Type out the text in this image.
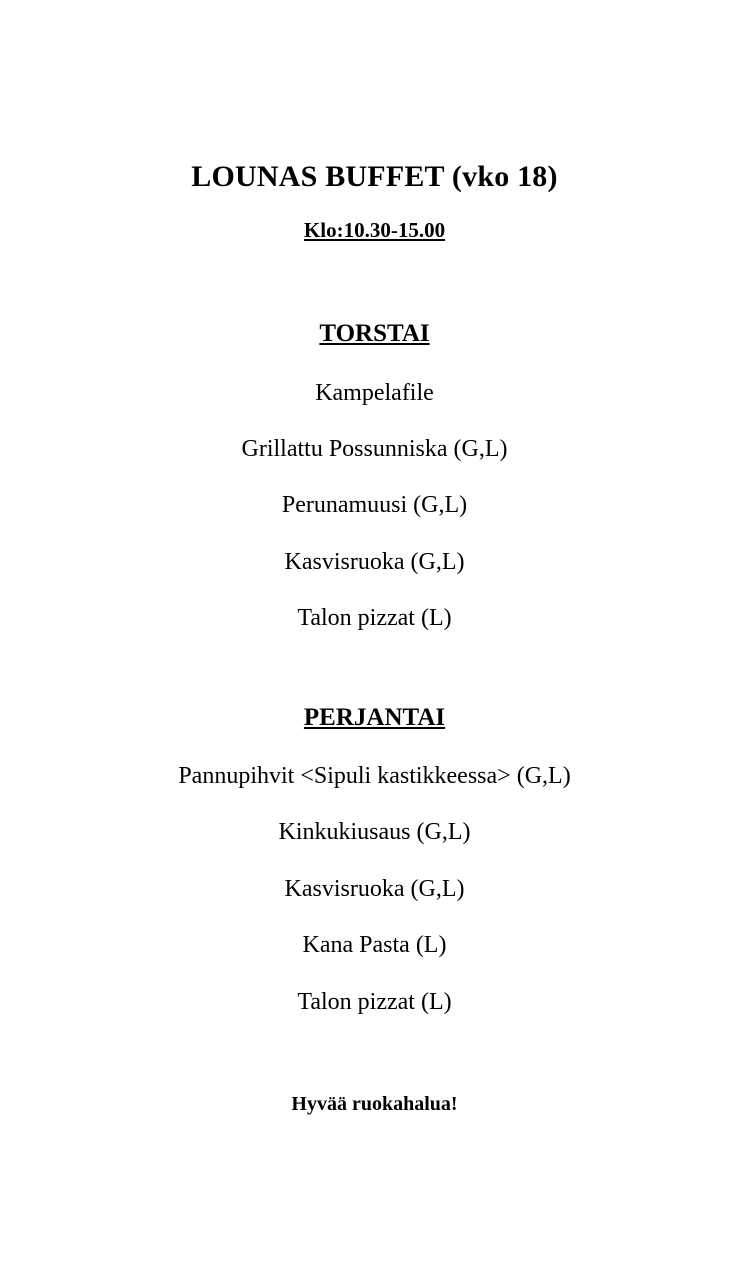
LOUNAS BUFFET (vko 18)

Klo:10.30-15.00

TORSTAI
Kampelafile
Grillattu Possunniska (G,L)
Perunamuusi (G,L)
Kasvisruoka (G,L)
Talon pizzat (L)
PERJANTAI
Pannupihvit <Sipuli kastikkeessa> (G,L)
Kinkukiusaus (G,L)
Kasvisruoka (G,L)
Kana Pasta (L)
Talon pizzat (L)

Hyvää ruokahalua!
